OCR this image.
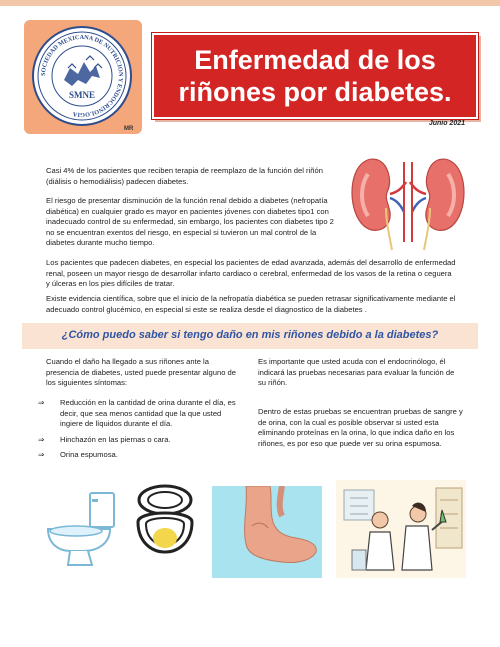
SOCIEDAD MEXICANA DE NUTRICION Y ENDOCRINOLOGIA
SMNE
MR
Enfermedad de los
riñones por diabetes.
Junio 2021
Casi 4% de los pacientes que reciben terapia de reemplazo de la función del riñón (diálisis o hemodiálisis) padecen diabetes.
El riesgo de presentar disminución de la función renal debido a diabetes (nefropatía diabética) en cualquier grado es mayor en pacientes jóvenes con diabetes tipo1 con inadecuado control de su enfermedad, sin embargo, los pacientes con diabetes tipo 2 no se encuentran exentos del riesgo, en especial si tuvieron un mal control de la diabetes durante mucho tiempo.
Los pacientes que padecen diabetes, en especial los pacientes de edad avanzada, además del desarrollo de enfermedad renal, poseen un mayor riesgo de desarrollar infarto cardiaco o cerebral, enfermedad de los vasos de la retina o ceguera y úlceras en los pies difíciles de tratar.
Existe evidencia científica, sobre que el inicio de la nefropatía diabética se pueden retrasar significativamente mediante el adecuado control glucémico, en especial si este se realiza desde el diagnostico de la diabetes .
¿Cómo puedo saber si tengo daño en mis riñones debido a la diabetes?
Cuando el daño ha llegado a sus riñones ante la presencia de diabetes, usted puede presentar alguno de los siguientes síntomas:
⇒ Reducción en la cantidad de orina durante el día, es decir, que sea menos cantidad que la que usted ingiere de líquidos durante el día.
⇒ Hinchazón en las piernas o cara.
⇒ Orina espumosa.
Es importante que usted acuda con el endocrinólogo, él indicará las pruebas necesarias para evaluar la función de su riñón.
Dentro de estas pruebas se encuentran pruebas de sangre y de orina, con la cual es posible observar si usted esta eliminando proteínas en la orina, lo que indica daño en los riñones, es por eso que puede ver su orina espumosa.
